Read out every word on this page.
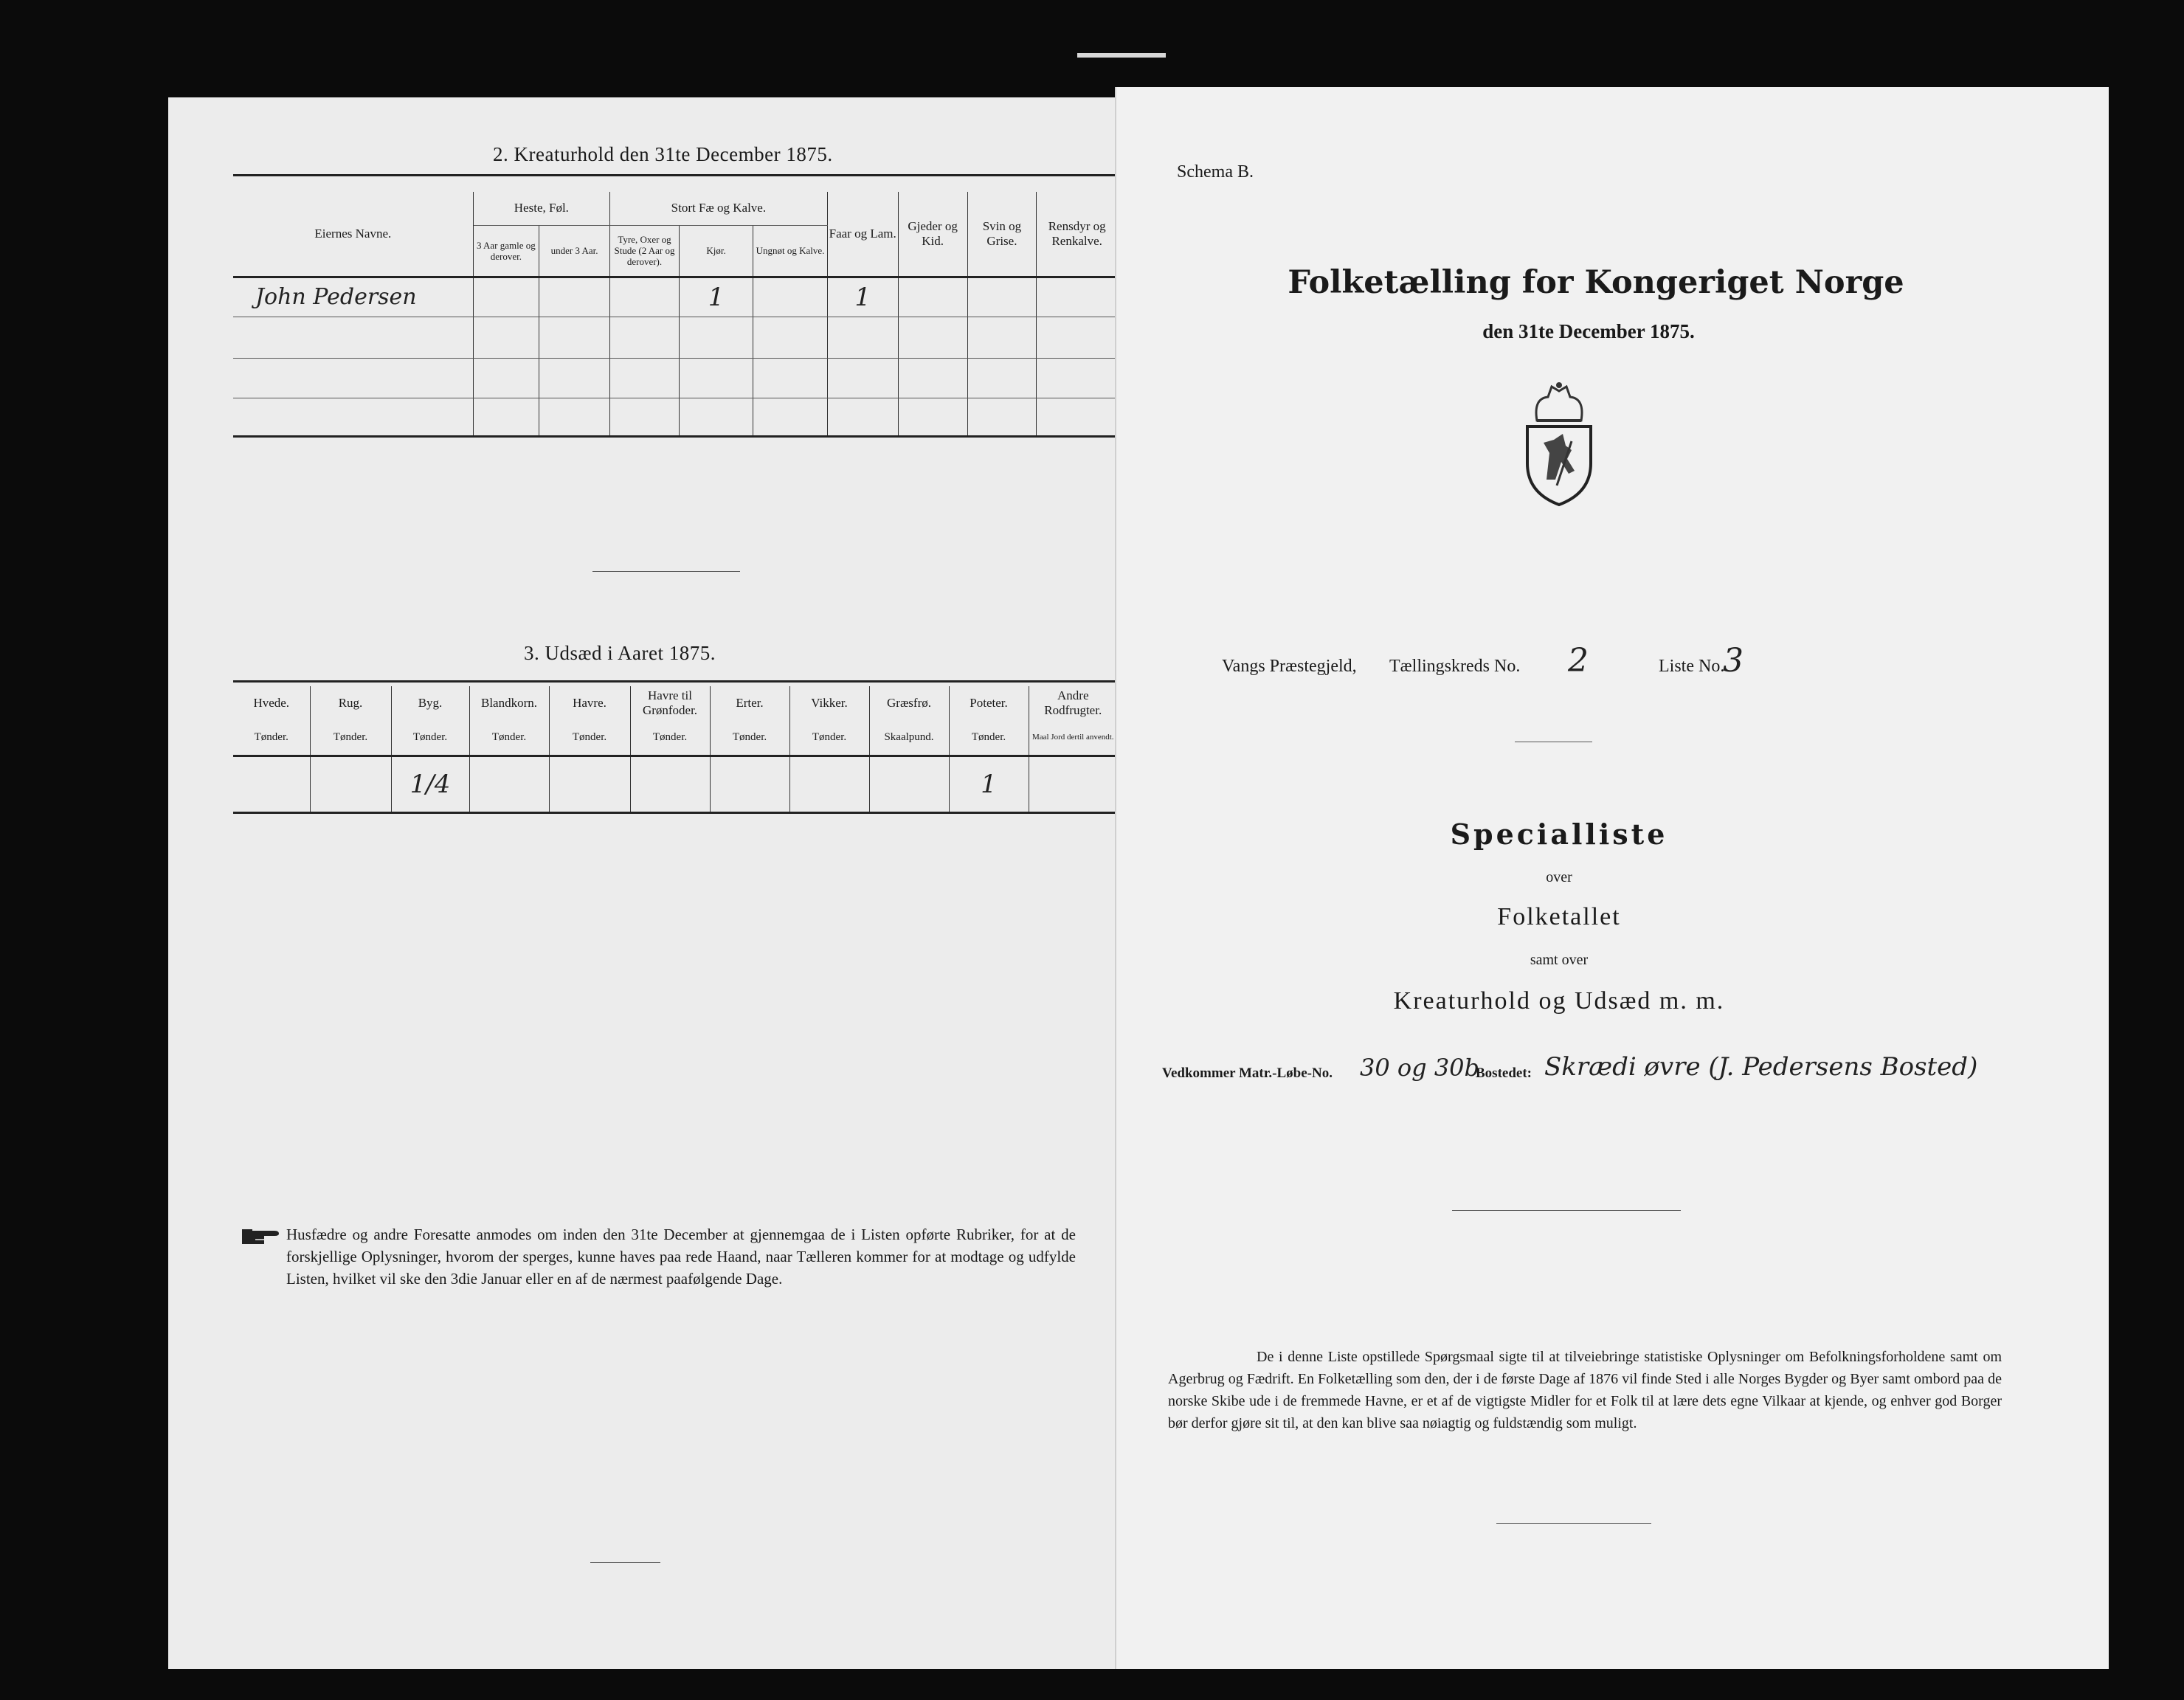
2. Kreaturhold den 31te December 1875.
Eiernes Navne.	Heste, Føl.		Stort Fæ og Kalve.			Faar og Lam.	Gjeder og Kid.	Svin og Grise.	Rensdyr og Renkalve.
	3 Aar gamle og derover.	under 3 Aar.	Tyre, Oxer og Stude (2 Aar og derover).	Kjør.	Ungnøt og Kalve.				
John Pedersen				1		1			

3. Udsæd i Aaret 1875.
Hvede.	Rug.	Byg.	Blandkorn.	Havre.	Havre til Grønfoder.	Erter.	Vikker.	Græsfrø.	Poteter.	Andre Rodfrugter.
Tønder.	Tønder.	Tønder.	Tønder.	Tønder.	Tønder.	Tønder.	Tønder.	Skaalpund.	Tønder.	Maal Jord dertil anvendt.
		1/4							1	
Husfædre og andre Foresatte anmodes om inden den 31te December at gjennemgaa de i Listen opførte Rubriker, for at de forskjellige Oplysninger, hvorom der sperges, kunne haves paa rede Haand, naar Tælleren kommer for at modtage og udfylde Listen, hvilket vil ske den 3die Januar eller en af de nærmest paafølgende Dage.
Schema B.
Folketælling for Kongeriget Norge
den 31te December 1875.
Vangs Præstegjeld, Tællingskreds No. 2	Liste No.
3
Specialliste
over
Folketallet
samt over
Kreaturhold og Udsæd m. m.
Vedkommer Matr.-Løbe-No. 30 og 30b
Bostedet: Skrædi øvre (J. Pedersens Bosted)
De i denne Liste opstillede Spørgsmaal sigte til at tilveiebringe statistiske Oplysninger om Befolkningsforholdene samt om Agerbrug og Fædrift. En Folketælling som den, der i de første Dage af 1876 vil finde Sted i alle Norges Bygder og Byer samt ombord paa de norske Skibe ude i de fremmede Havne, er et af de vigtigste Midler for et Folk til at lære dets egne Vilkaar at kjende, og enhver god Borger bør derfor gjøre sit til, at den kan blive saa nøiagtig og fuldstændig som muligt.
